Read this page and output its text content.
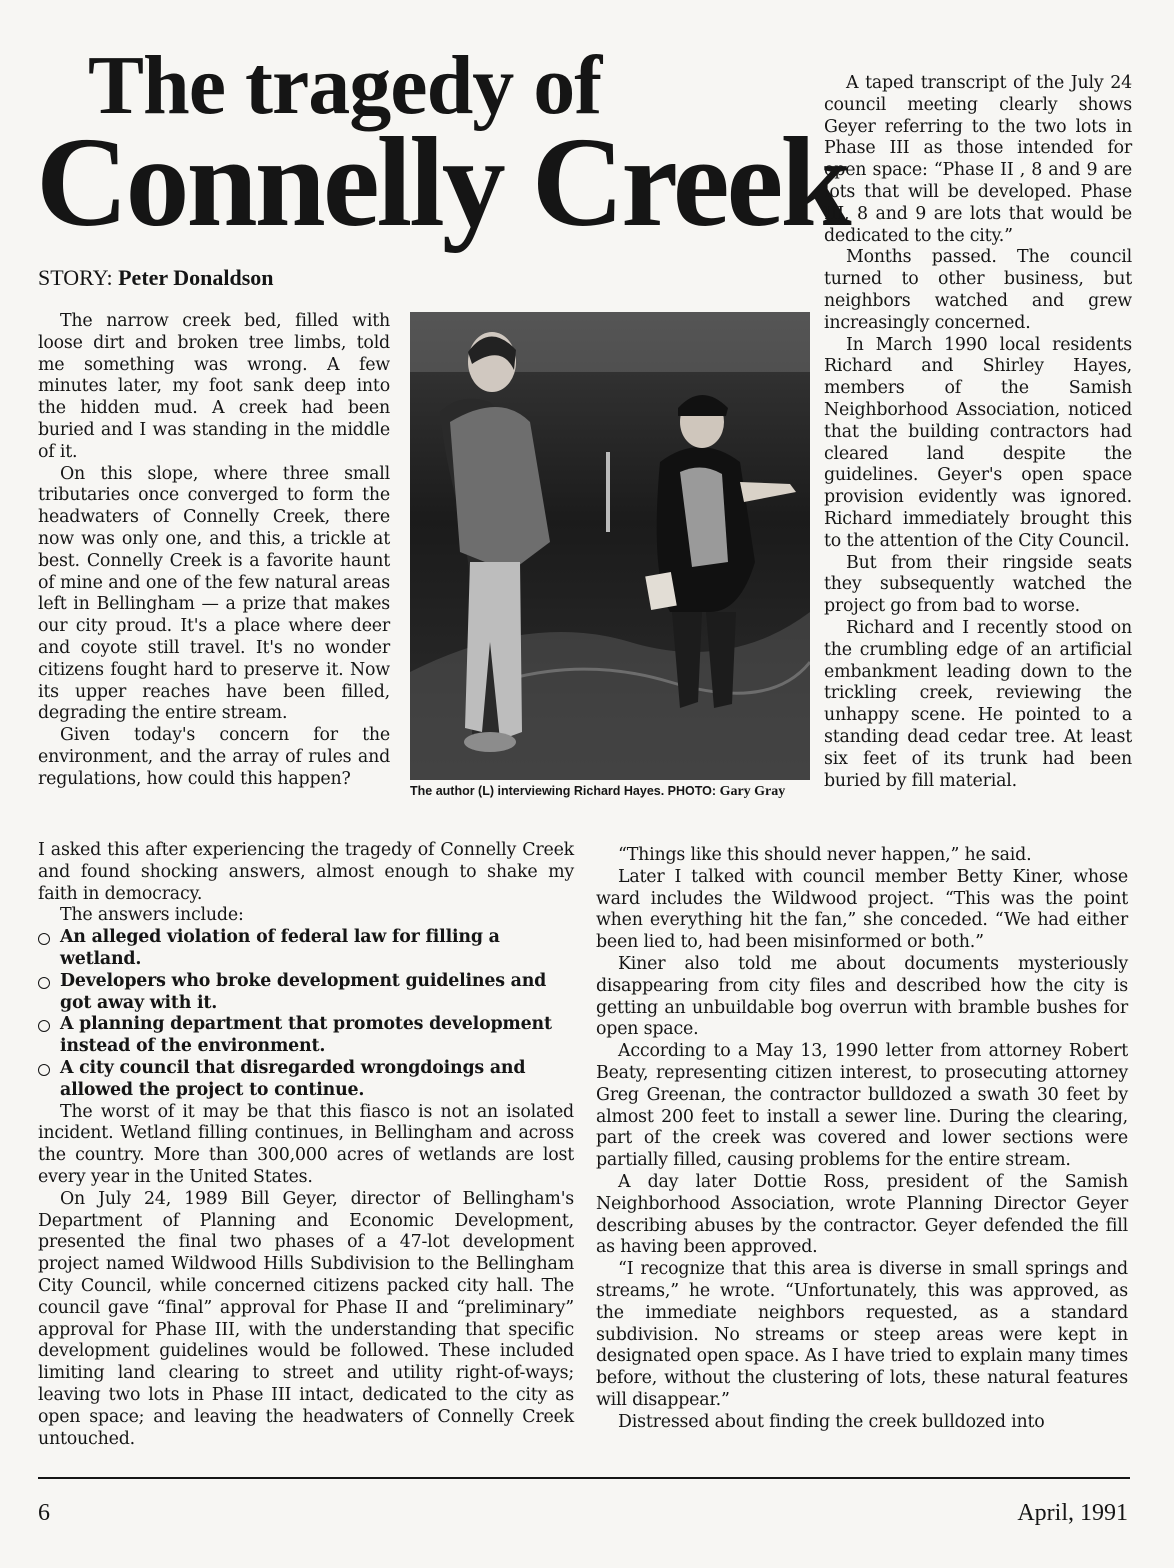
The tragedy of
Connelly Creek
STORY: Peter Donaldson

The narrow creek bed, filled with loose dirt and broken tree limbs, told me something was wrong. A few minutes later, my foot sank deep into the hidden mud. A creek had been buried and I was standing in the middle of it.

On this slope, where three small tributaries once converged to form the headwaters of Connelly Creek, there now was only one, and this, a trickle at best. Connelly Creek is a favorite haunt of mine and one of the few natural areas left in Bellingham — a prize that makes our city proud. It's a place where deer and coyote still travel. It's no wonder citizens fought hard to preserve it. Now its upper reaches have been filled, degrading the entire stream.

Given today's concern for the environment, and the array of rules and regulations, how could this happen?

The author (L) interviewing Richard Hayes. PHOTO: Gary Gray

I asked this after experiencing the tragedy of Connelly Creek and found shocking answers, almost enough to shake my faith in democracy.

The answers include:

An alleged violation of federal law for filling a wetland.
Developers who broke development guidelines and got away with it.
A planning department that promotes development instead of the environment.
A city council that disregarded wrongdoings and allowed the project to continue.

The worst of it may be that this fiasco is not an isolated incident. Wetland filling continues, in Bellingham and across the country. More than 300,000 acres of wetlands are lost every year in the United States.

On July 24, 1989 Bill Geyer, director of Bellingham's Department of Planning and Economic Development, presented the final two phases of a 47-lot development project named Wildwood Hills Subdivision to the Bellingham City Council, while concerned citizens packed city hall. The council gave “final” approval for Phase II and “preliminary” approval for Phase III, with the understanding that specific development guidelines would be followed. These included limiting land clearing to street and utility right-of-ways; leaving two lots in Phase III intact, dedicated to the city as open space; and leaving the headwaters of Connelly Creek untouched.

A taped transcript of the July 24 council meeting clearly shows Geyer referring to the two lots in Phase III as those intended for open space: “Phase II , 8 and 9 are lots that will be developed. Phase III, 8 and 9 are lots that would be dedicated to the city.”

Months passed. The council turned to other business, but neighbors watched and grew increasingly concerned.

In March 1990 local residents Richard and Shirley Hayes, members of the Samish Neighborhood Association, noticed that the building contractors had cleared land despite the guidelines. Geyer's open space provision evidently was ignored. Richard immediately brought this to the attention of the City Council.

But from their ringside seats they subsequently watched the project go from bad to worse.

Richard and I recently stood on the crumbling edge of an artificial embankment leading down to the trickling creek, reviewing the unhappy scene. He pointed to a standing dead cedar tree. At least six feet of its trunk had been buried by fill material.

“Things like this should never happen,” he said.

Later I talked with council member Betty Kiner, whose ward includes the Wildwood project. “This was the point when everything hit the fan,” she conceded. “We had either been lied to, had been misinformed or both.”

Kiner also told me about documents mysteriously disappearing from city files and described how the city is getting an unbuildable bog overrun with bramble bushes for open space.

According to a May 13, 1990 letter from attorney Robert Beaty, representing citizen interest, to prosecuting attorney Greg Greenan, the contractor bulldozed a swath 30 feet by almost 200 feet to install a sewer line. During the clearing, part of the creek was covered and lower sections were partially filled, causing problems for the entire stream.

A day later Dottie Ross, president of the Samish Neighborhood Association, wrote Planning Director Geyer describing abuses by the contractor. Geyer defended the fill as having been approved.

“I recognize that this area is diverse in small springs and streams,” he wrote. “Unfortunately, this was approved, as the immediate neighbors requested, as a standard subdivision. No streams or steep areas were kept in designated open space. As I have tried to explain many times before, without the clustering of lots, these natural features will disappear.”

Distressed about finding the creek bulldozed into

6	April, 1991
